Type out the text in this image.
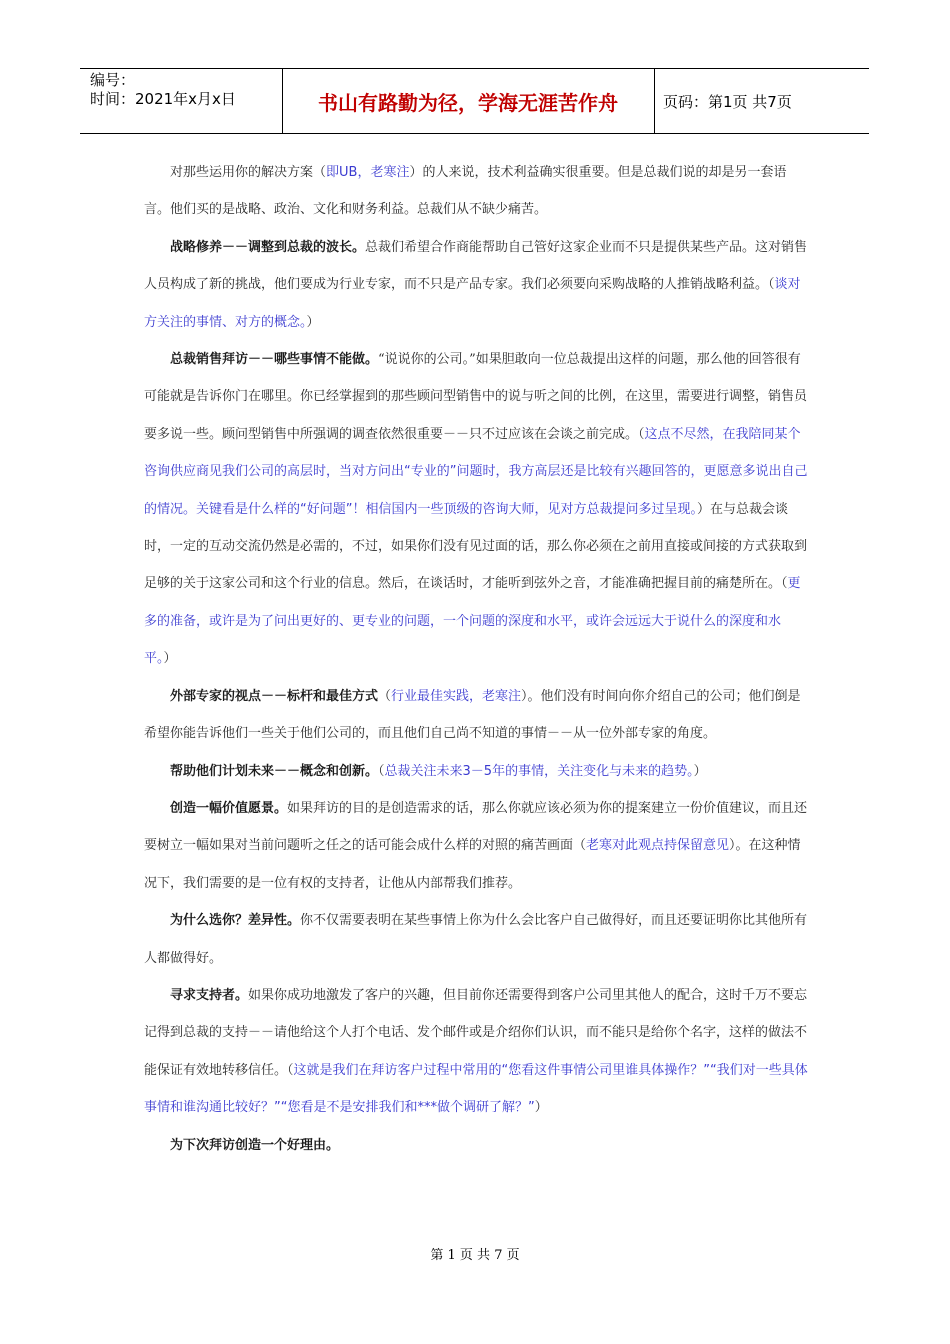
编号：
时间：2021年x月x日	书山有路勤为径，学海无涯苦作舟	页码：第1页 共7页

对那些运用你的解决方案（即UB，老寒注）的人来说，技术利益确实很重要。但是总裁们说的却是另一套语言。他们买的是战略、政治、文化和财务利益。总裁们从不缺少痛苦。

战略修养－－调整到总裁的波长。总裁们希望合作商能帮助自己管好这家企业而不只是提供某些产品。这对销售人员构成了新的挑战，他们要成为行业专家，而不只是产品专家。我们必须要向采购战略的人推销战略利益。（谈对方关注的事情、对方的概念。）

总裁销售拜访－－哪些事情不能做。“说说你的公司。”如果胆敢向一位总裁提出这样的问题，那么他的回答很有可能就是告诉你门在哪里。你已经掌握到的那些顾问型销售中的说与听之间的比例，在这里，需要进行调整，销售员要多说一些。顾问型销售中所强调的调查依然很重要－－只不过应该在会谈之前完成。（这点不尽然，在我陪同某个咨询供应商见我们公司的高层时，当对方问出“专业的”问题时，我方高层还是比较有兴趣回答的，更愿意多说出自己的情况。关键看是什么样的“好问题”！相信国内一些顶级的咨询大师，见对方总裁提问多过呈现。）在与总裁会谈时，一定的互动交流仍然是必需的，不过，如果你们没有见过面的话，那么你必须在之前用直接或间接的方式获取到足够的关于这家公司和这个行业的信息。然后，在谈话时，才能听到弦外之音，才能准确把握目前的痛楚所在。（更多的准备，或许是为了问出更好的、更专业的问题，一个问题的深度和水平，或许会远远大于说什么的深度和水平。）

外部专家的视点－－标杆和最佳方式（行业最佳实践，老寒注）。他们没有时间向你介绍自己的公司；他们倒是希望你能告诉他们一些关于他们公司的，而且他们自己尚不知道的事情－－从一位外部专家的角度。

帮助他们计划未来－－概念和创新。（总裁关注未来3－5年的事情，关注变化与未来的趋势。）

创造一幅价值愿景。如果拜访的目的是创造需求的话，那么你就应该必须为你的提案建立一份价值建议，而且还要树立一幅如果对当前问题听之任之的话可能会成什么样的对照的痛苦画面（老寒对此观点持保留意见）。在这种情况下，我们需要的是一位有权的支持者，让他从内部帮我们推荐。

为什么选你？差异性。你不仅需要表明在某些事情上你为什么会比客户自己做得好，而且还要证明你比其他所有人都做得好。

寻求支持者。如果你成功地激发了客户的兴趣，但目前你还需要得到客户公司里其他人的配合，这时千万不要忘记得到总裁的支持－－请他给这个人打个电话、发个邮件或是介绍你们认识，而不能只是给你个名字，这样的做法不能保证有效地转移信任。（这就是我们在拜访客户过程中常用的“您看这件事情公司里谁具体操作？”“我们对一些具体事情和谁沟通比较好？”“您看是不是安排我们和***做个调研了解？”）

为下次拜访创造一个好理由。

第 1 页 共 7 页
